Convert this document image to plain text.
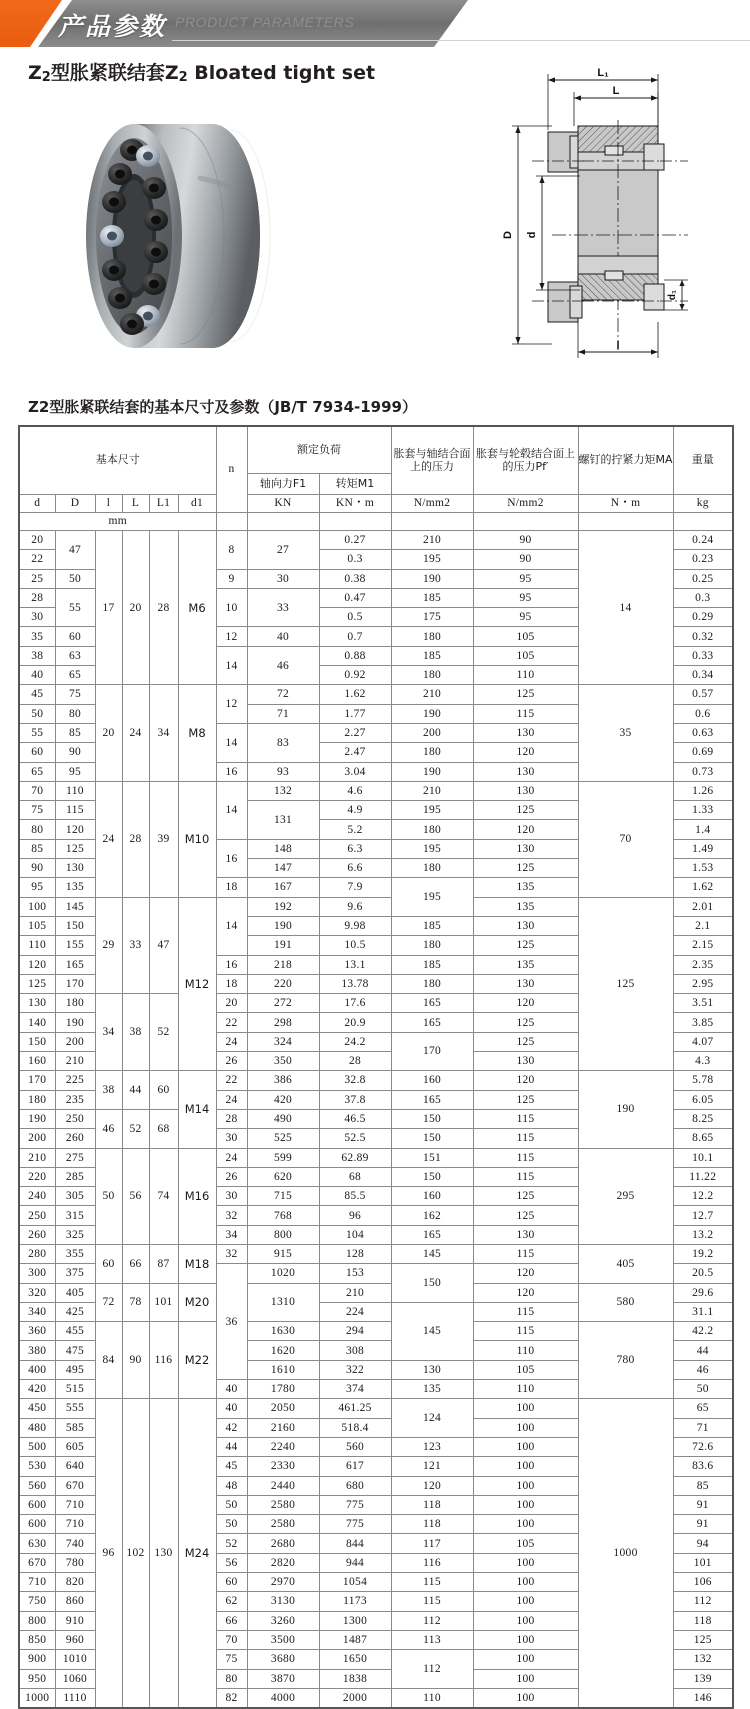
产品参数 PRODUCT PARAMETERS
$Z_2$型胀紧联结套$Z_2$ Bloated tight set	L₁
L
D d
d₁
l
Z2型胀紧联结套的基本尺寸及参数（JB/T 7934-1999）
基本尺寸						n	额定负荷		胀套与轴结合面上的压力	胀套与轮毂结合面上的压力Pf′	螺钉的拧紧力矩MA	重量
							轴向力F1	转矩M1				
d	D	l	L	L1	d1		KN	KN・m	N/mm2	N/mm2	N・m	kg
mm												
20	47	17	20	28	M6	8	27	0.27	210	90	14	0.24
22								0.3	195	90		0.23
25	50					9	30	0.38	190	95		0.25
28	55					10	33	0.47	185	95		0.3
30								0.5	175	95		0.29
35	60					12	40	0.7	180	105		0.32
38	63					14	46	0.88	185	105		0.33
40	65							0.92	180	110		0.34
45	75	20	24	34	M8	12	72	1.62	210	125	35	0.57
50	80						71	1.77	190	115		0.6
55	85					14	83	2.27	200	130		0.63
60	90							2.47	180	120		0.69
65	95					16	93	3.04	190	130		0.73
70	110	24	28	39	M10	14	132	4.6	210	130	70	1.26
75	115						131	4.9	195	125		1.33
80	120							5.2	180	120		1.4
85	125					16	148	6.3	195	130		1.49
90	130						147	6.6	180	125		1.53
95	135					18	167	7.9	195	135		1.62
100	145	29	33	47	M12	14	192	9.6		135	125	2.01
105	150						190	9.98	185	130		2.1
110	155						191	10.5	180	125		2.15
120	165					16	218	13.1	185	135		2.35
125	170					18	220	13.78	180	130		2.95
130	180	34	38	52		20	272	17.6	165	120		3.51
140	190					22	298	20.9	165	125		3.85
150	200					24	324	24.2	170	125		4.07
160	210					26	350	28		130		4.3
170	225	38	44	60	M14	22	386	32.8	160	120	190	5.78
180	235					24	420	37.8	165	125		6.05
190	250	46	52	68		28	490	46.5	150	115		8.25
200	260					30	525	52.5	150	115		8.65
210	275	50	56	74	M16	24	599	62.89	151	115	295	10.1
220	285					26	620	68	150	115		11.22
240	305					30	715	85.5	160	125		12.2
250	315					32	768	96	162	125		12.7
260	325					34	800	104	165	130		13.2
280	355	60	66	87	M18	32	915	128	145	115	405	19.2
300	375					36	1020	153	150	120		20.5
320	405	72	78	101	M20		1310	210		120	580	29.6
340	425							224	145	115		31.1
360	455	84	90	116	M22		1630	294		115	780	42.2
380	475						1620	308		110		44
400	495						1610	322	130	105		46
420	515					40	1780	374	135	110		50
450	555	96	102	130	M24	40	2050	461.25	124	100	1000	65
480	585					42	2160	518.4		100		71
500	605					44	2240	560	123	100		72.6
530	640					45	2330	617	121	100		83.6
560	670					48	2440	680	120	100		85
600	710					50	2580	775	118	100		91
600	710					50	2580	775	118	100		91
630	740					52	2680	844	117	105		94
670	780					56	2820	944	116	100		101
710	820					60	2970	1054	115	100		106
750	860					62	3130	1173	115	100		112
800	910					66	3260	1300	112	100		118
850	960					70	3500	1487	113	100		125
900	1010					75	3680	1650	112	100		132
950	1060					80	3870	1838		100		139
1000	1110					82	4000	2000	110	100		146
